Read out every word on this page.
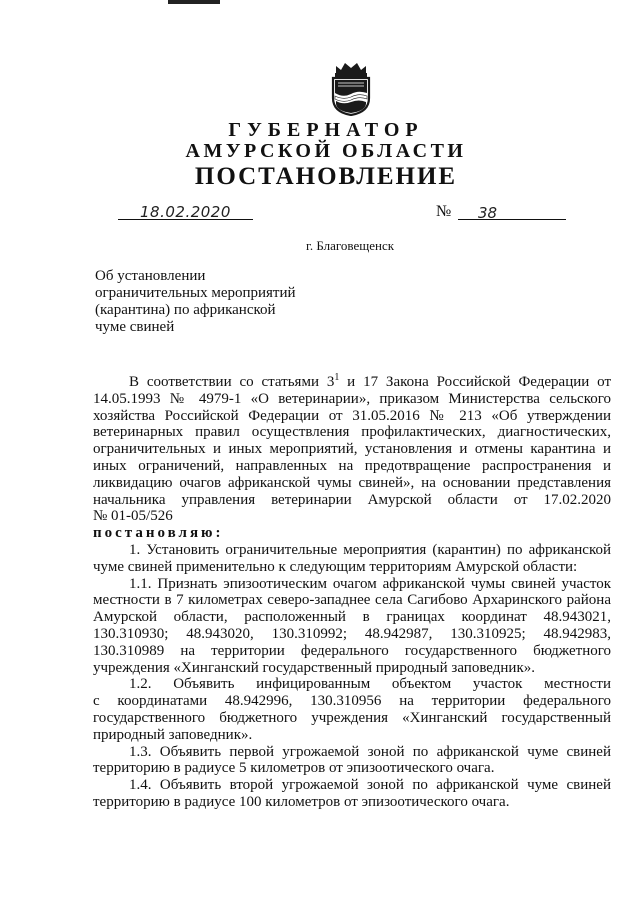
ГУБЕРНАТОР
АМУРСКОЙ ОБЛАСТИ
ПОСТАНОВЛЕНИЕ
18.02.2020	№ 38
г. Благовещенск
Об установлении
ограничительных мероприятий
(карантина) по африканской
чуме свиней
В соответствии со статьями $3^1$ и 17 Закона Российской Федерации от
14.05.1993 № 4979-1 «О ветеринарии», приказом Министерства сельского
хозяйства Российской Федерации от 31.05.2016 № 213 «Об утверждении
ветеринарных правил осуществления профилактических, диагностических,
ограничительных и иных мероприятий, установления и отмены карантина и
иных ограничений, направленных на предотвращение распространения и
ликвидацию очагов африканской чумы свиней», на основании представления
начальника управления ветеринарии Амурской области от 17.02.2020
№ 01-05/526
постановляю:
1. Установить ограничительные мероприятия (карантин) по африканской
чуме свиней применительно к следующим территориям Амурской области:
1.1. Признать эпизоотическим очагом африканской чумы свиней участок
местности в 7 километрах северо-западнее села Сагибово Архаринского района
Амурской области, расположенный в границах координат 48.943021,
130.310930; 48.943020, 130.310992; 48.942987, 130.310925; 48.942983,
130.310989 на территории федерального государственного бюджетного
учреждения «Хинганский государственный природный заповедник».
1.2. Объявить инфицированным объектом участок местности
с координатами 48.942996, 130.310956 на территории федерального
государственного бюджетного учреждения «Хинганский государственный
природный заповедник».
1.3. Объявить первой угрожаемой зоной по африканской чуме свиней
территорию в радиусе 5 километров от эпизоотического очага.
1.4. Объявить второй угрожаемой зоной по африканской чуме свиней
территорию в радиусе 100 километров от эпизоотического очага.
